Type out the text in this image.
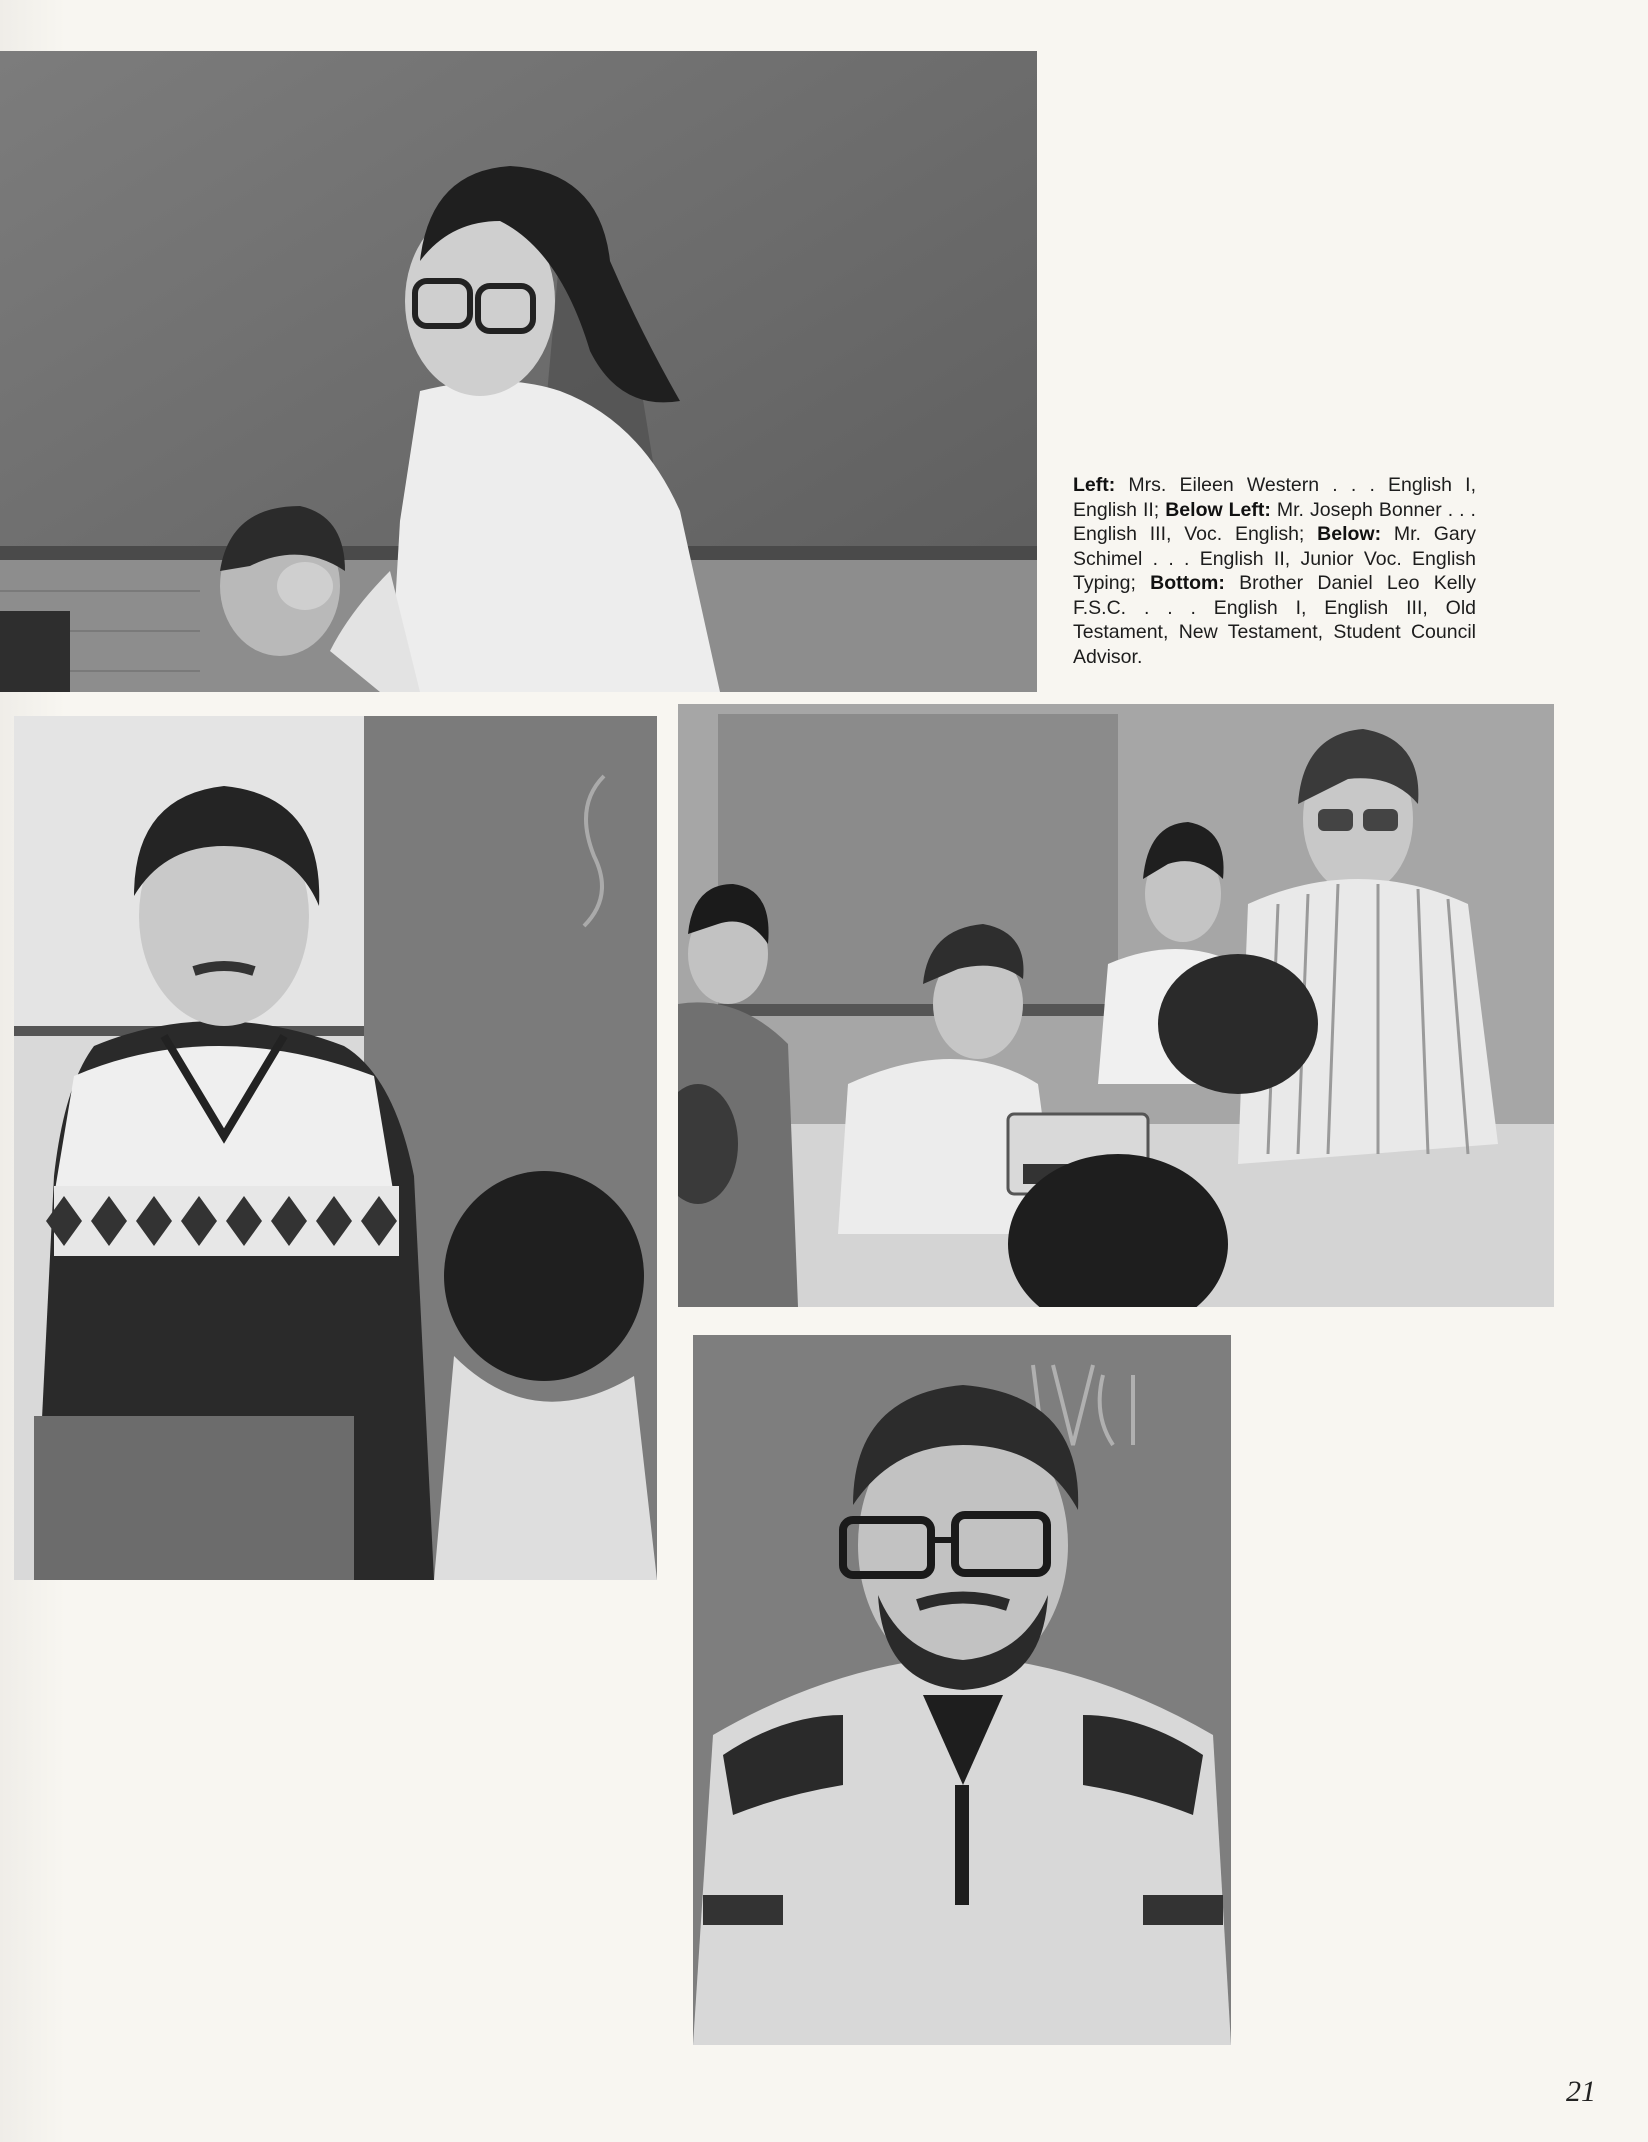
Left: Mrs. Eileen Western . . . English I, English II; Below Left: Mr. Joseph Bonner . . . English III, Voc. English; Below: Mr. Gary Schimel . . . English II, Junior Voc. English Typing; Bottom: Brother Daniel Leo Kelly F.S.C. . . . English I, English III, Old Testament, New Testament, Student Council Advisor.

21
